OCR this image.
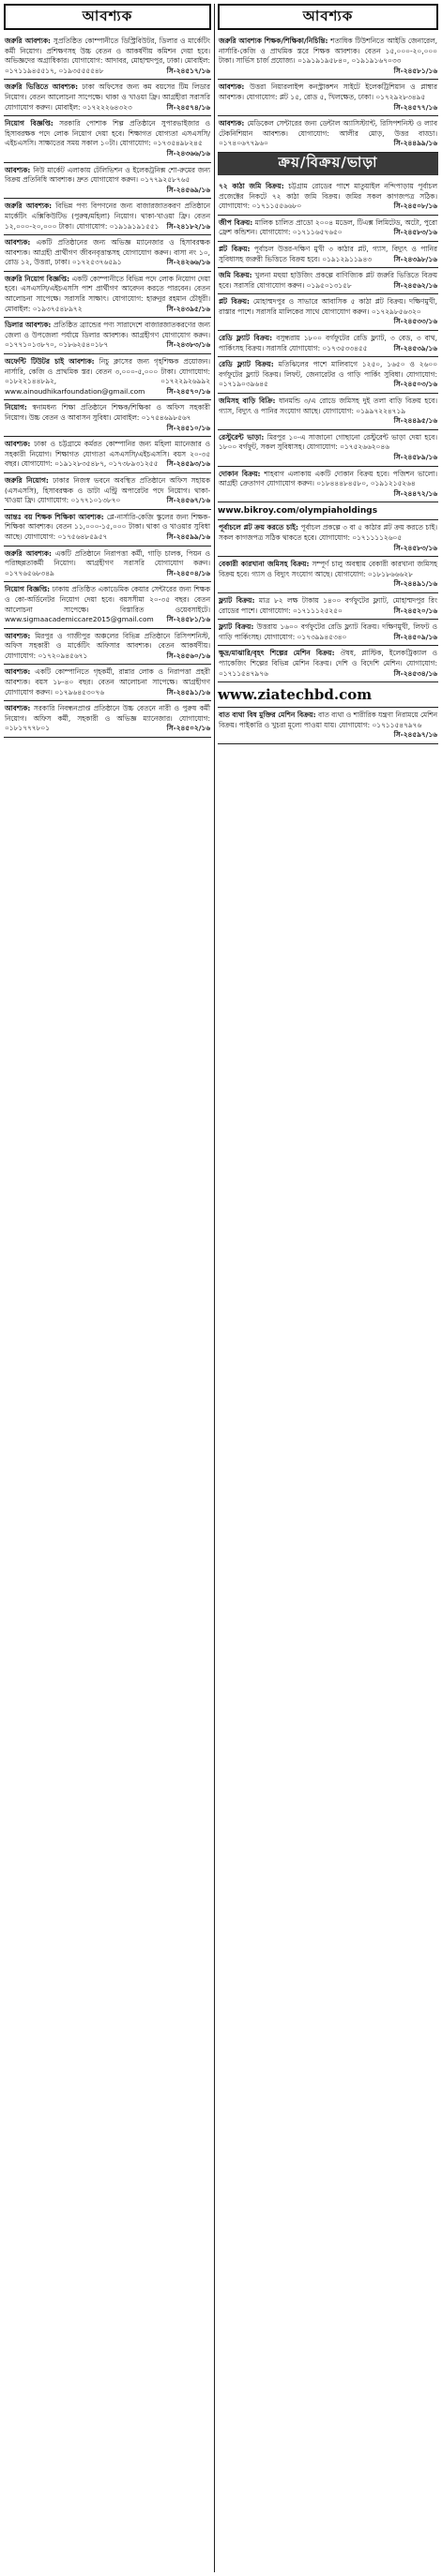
আবশ্যক
জরুরি আবশ্যক: সুপ্রতিষ্ঠিত কোম্পানীতে ডিস্ট্রিবিউটর, ডিলার ও মার্কেটিং কর্মী নিয়োগ। প্রশিক্ষণসহ উচ্চ বেতন ও আকর্ষণীয় কমিশন দেয়া হবে। অভিজ্ঞদের অগ্রাধিকার। যোগাযোগ: আদাবর, মোহাম্মদপুর, ঢাকা। মোবাইল: ০১৭১১৯৪৫৫১৭, ০১৯৩৫৫৫৫৪৮	সি-২৪৫১৭/১৬
জরুরি ভিত্তিতে আবশ্যক: ঢাকা অফিসের জন্য কম বয়সের টিম লিডার নিয়োগ। বেতন আলোচনা সাপেক্ষে। থাকা ও খাওয়া ফ্রি। আগ্রহীরা সরাসরি যোগাযোগ করুন। মোবাইল: ০১৭২২২৬৪৩২৩	সি-২৪৫৭৪/১৬
নিয়োগ বিজ্ঞপ্তি: সরকারি পোশাক শিল্প প্রতিষ্ঠানে সুপারভাইজার ও হিসাবরক্ষক পদে লোক নিয়োগ দেয়া হবে। শিক্ষাগত যোগ্যতা এসএসসি/এইচএসসি। সাক্ষাতের সময় সকাল ১০টা। যোগাযোগ: ০১৭৩৫৪৯৮২৪৫
সি-২৪৩৬৬/১৬
আবশ্যক: নিউ মার্কেট এলাকায় টেলিভিশন ও ইলেকট্রনিক্স শো-রুমের জন্য বিক্রয় প্রতিনিধি আবশ্যক। দ্রুত যোগাযোগ করুন। ০১৭৭৯২৫৮৭৬৫
সি-২৪৫৬৯/১৬
জরুরি আবশ্যক: বিভিন্ন পণ্য বিপণনের জন্য বাজারজাতকরণ প্রতিষ্ঠানে মার্কেটিং এক্সিকিউটিভ (পুরুষ/মহিলা) নিয়োগ। থাকা-খাওয়া ফ্রি। বেতন ১২,০০০-২০,০০০ টাকা। যোগাযোগ: ০১৯১৯১৯১৫৫১ সি-২৪১৮২/১৬
আবশ্যক: একটি প্রতিষ্ঠানের জন্য অভিজ্ঞ ম্যানেজার ও হিসাবরক্ষক আবশ্যক। আগ্রহী প্রার্থীগণ জীবনবৃত্তান্তসহ যোগাযোগ করুন। বাসা নং ১০, রোড ১২, উত্তরা, ঢাকা। ০১৭২৫৩৭৬৫৯১	সি-২৪২৬৬/১৬
জরুরি নিয়োগ বিজ্ঞপ্তি: একটি কোম্পানীতে বিভিন্ন পদে লোক নিয়োগ দেয়া হবে। এসএসসি/এইচএসসি পাশ প্রার্থীগণ আবেদন করতে পারবেন। বেতন আলোচনা সাপেক্ষে। সরাসরি সাক্ষাৎ। যোগাযোগ: হারুনুর রহমান চৌধুরী। মোবাইল: ০১৯৩৭৫৪৮৯৭২	সি-২৪৩৯৫/১৬
ডিলার আবশ্যক: প্রতিষ্ঠিত ব্র্যান্ডের পণ্য সারাদেশে বাজারজাতকরণের জন্য জেলা ও উপজেলা পর্যায়ে ডিলার আবশ্যক। আগ্রহীগণ যোগাযোগ করুন। ০১৭৭১০১৩৮৭০, ০১৮৬২৫৪০১৮৭	সি-২৪৩৮৩/১৬
অফেন্টি টিউটর চাই আবশ্যক: নিচু ক্লাসের জন্য গৃহশিক্ষক প্রয়োজন। নার্সারি, কেজি ও প্রাথমিক স্তর। বেতন ৩,০০০-৫,০০০ টাকা। যোগাযোগ: ০১৮২২১৪৪৮৯২, ০১৭২২৯২৬৯৯২ www.ainoudhikarfoundation@gmail.com	সি-২৪৫৭০/১৬
নিয়োগ: স্বনামধন্য শিক্ষা প্রতিষ্ঠানে শিক্ষক/শিক্ষিকা ও অফিস সহকারী নিয়োগ। উচ্চ বেতন ও আবাসন সুবিধা। মোবাইল: ০১৭৫৪৬৯৮৫৬৭
সি-২৪৫১০/১৬
আবশ্যক: ঢাকা ও চট্টগ্রামে কর্মরত কোম্পানির জন্য মহিলা ম্যানেজার ও সহকারী নিয়োগ। শিক্ষাগত যোগ্যতা এসএসসি/এইচএসসি। বয়স ২০-৩৫ বছর। যোগাযোগ: ০১৯১২৮৩৫৪৮৭, ০১৭৩৮৯৩১২৫৫ সি-২৪৫৯৩/১৬
জরুরি নিয়োগ: ঢাকার নিজস্ব ভবনে অবস্থিত প্রতিষ্ঠানে অফিস সহায়ক (এসএসসি), হিসাবরক্ষক ও ডাটা এন্ট্রি অপারেটর পদে নিয়োগ। থাকা-খাওয়া ফ্রি। যোগাযোগ: ০১৭৭১০১৩৮৭০	সি-২৪৫৬৭/১৬
আন্তঃ বয় শিক্ষক শিক্ষিকা আবশ্যক: প্লে-নার্সারি-কেজি স্কুলের জন্য শিক্ষক-শিক্ষিকা আবশ্যক। বেতন ১১,০০০-১৫,০০০ টাকা। থাকা ও খাওয়ার সুবিধা আছে। যোগাযোগ: ০১৭৫৬৪৮৫৯৫৭	সি-২৪৫৯৯/১৬
জরুরি আবশ্যক: একটি প্রতিষ্ঠানে নিরাপত্তা কর্মী, গাড়ি চালক, পিয়ন ও পরিচ্ছন্নতাকর্মী নিয়োগ। আগ্রহীগণ সরাসরি যোগাযোগ করুন। ০১৭৭৬৫৬৮৩৪৯	সি-২৪৫০৪/১৬
নিয়োগ বিজ্ঞপ্তি: ঢাকায় প্রতিষ্ঠিত একাডেমিক কেয়ার সেন্টারের জন্য শিক্ষক ও কো-অর্ডিনেটর নিয়োগ দেয়া হবে। বয়সসীমা ২০-৩৫ বছর। বেতন আলোচনা সাপেক্ষে। বিস্তারিত ওয়েবসাইটে। www.sigmaacademiccare2015@gmail.com সি-২৪৫৮১/১৬
আবশ্যক: মিরপুর ও গাজীপুর অঞ্চলের বিভিন্ন প্রতিষ্ঠানে রিসিপশনিস্ট, অফিস সহকারী ও মার্কেটিং অফিসার আবশ্যক। বেতন আকর্ষণীয়। যোগাযোগ: ০১৭২০৯৪৫৬৭১	সি-২৪৫৬০/১৬
আবশ্যক: একটি কোম্পানিতে গৃহকর্মী, রান্নার লোক ও নিরাপত্তা প্রহরী আবশ্যক। বয়স ১৮-৪০ বছর। বেতন আলোচনা সাপেক্ষে। আগ্রহীগণ যোগাযোগ করুন। ০১৭৯৬৪৫৩০৭৬	সি-২৪৫৯১/১৬
আবশ্যক: সরকারি নিবন্ধনপ্রাপ্ত প্রতিষ্ঠানে উচ্চ বেতনে নারী ও পুরুষ কর্মী নিয়োগ। অফিস কর্মী, সহকারী ও অভিজ্ঞ ম্যানেজার। যোগাযোগ: ০১৮১৭৭৭৮০১	সি-২৪৫০২/১৬
আবশ্যক
জরুরি আবশ্যক শিক্ষক/শিক্ষিকা/নিচিন্তি: শতাধিক টিউশনিতে আইডি জেনারেল, নার্সারি-কেজি ও প্রাথমিক স্তরে শিক্ষক আবশ্যক। বেতন ১৫,০০০-২০,০০০ টাকা। সার্ভিস চার্জ প্রযোজ্য। ০১৯১৯১৯৫৮৪০, ০১৯১৯১৬৭০৩৩
সি-২৪৫৮১/১৬
আবশ্যক: উত্তরা নিয়ারলাইন্স কনস্ট্রাকশন সাইটে ইলেকট্রিশিয়ান ও প্লাম্বার আবশ্যক। যোগাযোগ: প্লট ১৫, রোড ৫, খিলক্ষেত, ঢাকা। ০১৭২৯২৮৩৪৯৫
সি-২৪৫৭৭/১৬
আবশ্যক: মেডিকেল সেন্টারের জন্য ডেন্টাল অ্যাসিস্ট্যান্ট, রিসিপশনিস্ট ও ল্যাব টেকনিশিয়ান আবশ্যক। যোগাযোগ: আলীর মোড়, উত্তর বাড্ডা। ০১৭৪০৬৭৭৯৬০	সি-২৪৪৯৯/১৬
ক্রয়/বিক্রয়/ভাড়া
৭২ কাঠা জমি বিক্রয়: চট্টগ্রাম রোডের পাশে মাতুয়াইল নন্দিপাড়ায় পূর্বাচল প্রজেক্টের নিকটে ৭২ কাঠা জমি বিক্রয়। জমির সকল কাগজপত্র সঠিক। যোগাযোগ: ০১৭১১৫৫৬৬৮০	সি-২৪৫০৮/১৬
জীপ বিক্রয়: মালিক চালিত প্রাডো ২০০৪ মডেল, টিএক্স লিমিটেড, অটো, পুরো ফ্রেশ কন্ডিশন। যোগাযোগ: ০১৭১১৬৫৭৬৫০	সি-২৪৫৮৩/১৬
প্লট বিক্রয়: পূর্বাচল উত্তর-দক্ষিণ মুখী ৩ কাঠার প্লট, গ্যাস, বিদ্যুৎ ও পানির সুবিধাসহ জরুরী ভিত্তিতে বিক্রয় হবে। ০১৯১২৯১১৯৪৩	সি-২৪৩৯৮/১৬
জমি বিক্রয়: খুলনা মহুয়া হাউজিং প্রকল্পে বাণিজ্যিক প্লট জরুরি ভিত্তিতে বিক্রয় হবে। সরাসরি যোগাযোগ করুন। ০১৯৫০১৩১৫৮	সি-২৪৫৬২/১৬
প্লট বিক্রয়: মোহাম্মদপুর ও সাভারে আবাসিক ৫ কাঠা প্লট বিক্রয়। দক্ষিণমুখী, রাস্তার পাশে। সরাসরি মালিকের সাথে যোগাযোগ করুন। ০১৭২৯৮৫৬৩২০
সি-২৪৫৩৩/১৬
রেডি ফ্ল্যাট বিক্রয়: বসুন্ধরায় ১৮০০ বর্গফুটের রেডি ফ্ল্যাট, ৩ বেড, ৩ বাথ, পার্কিংসহ বিক্রয়। সরাসরি যোগাযোগ: ০১৭৩৫৩৩৪৫৫	সি-২৪৫৩৯/১৬
রেডি ফ্ল্যাট বিক্রয়: মতিঝিলের পাশে মালিবাগে ১২৫০, ১৬৫০ ও ২৬০০ বর্গফুটের ফ্ল্যাট বিক্রয়। লিফট, জেনারেটর ও গাড়ি পার্কিং সুবিধা। যোগাযোগ: ০১৭১৯০৩৯৬৪৫	সি-২৪৫০৩/১৬
জমিসহ বাড়ি বিক্রি: ধানমন্ডি ৩/এ রোডে জমিসহ দুই তলা বাড়ি বিক্রয় হবে। গ্যাস, বিদ্যুৎ ও পানির সংযোগ আছে। যোগাযোগ: ০১৯৯৭২২৪৭১৯
সি-২৪৪৯৫/১৬
রেস্টুরেন্ট ভাড়া: মিরপুর ১০-এ সাজানো গোছানো রেস্টুরেন্ট ভাড়া দেয়া হবে। ১৮০০ বর্গফুট, সকল সুবিধাসহ। যোগাযোগ: ০১৭৫২৬৬২০৪৬
সি-২৪৫৮৯/১৬
দোকান বিক্রয়: শাহবাগ এলাকায় একটি দোকান বিক্রয় হবে। পজিশন ভালো। আগ্রহী ক্রেতাগণ যোগাযোগ করুন। ০১৮৪৪৪৮৪৫৮০, ০১৯১২১৫২৬৪
সি-২৪৪৭২/১৬
www.bikroy.com/olympiaholdings
পূর্বাচলে প্লট ক্রয় করতে চাই: পূর্বাচল প্রকল্পে ৩ বা ৫ কাঠার প্লট ক্রয় করতে চাই। সকল কাগজপত্র সঠিক থাকতে হবে। যোগাযোগ: ০১৭১১১১২৬০৫
সি-২৪৫৮৩/১৬
বেকারী কারখানা জমিসহ বিক্রয়: সম্পূর্ণ চালু অবস্থায় বেকারী কারখানা জমিসহ বিক্রয় হবে। গ্যাস ও বিদ্যুৎ সংযোগ আছে। যোগাযোগ: ০১৮১৮৬৬৬২৮
সি-২৪৪৯১/১৬
ফ্ল্যাট বিক্রয়: মাত্র ৮২ লক্ষ টাকায় ১৪০০ বর্গফুটের ফ্ল্যাট, মোহাম্মদপুর রিং রোডের পাশে। যোগাযোগ: ০১৭১১১২৫২৫০	সি-২৪৫২০/১৬
ফ্ল্যাট বিক্রয়: উত্তরায় ১৬০০ বর্গফুটের রেডি ফ্ল্যাট বিক্রয়। দক্ষিণমুখী, লিফট ও গাড়ি পার্কিংসহ। যোগাযোগ: ০১৭৩৯৯৪৫৩৪০	সি-২৪৫০৯/১৬
ক্ষুদ্র/মাঝারি/বৃহৎ শিল্পের মেশিন বিক্রয়: ঔষধ, প্লাস্টিক, ইলেকট্রিক্যাল ও প্যাকেজিং শিল্পের বিভিন্ন মেশিন বিক্রয়। দেশি ও বিদেশি মেশিন। যোগাযোগ: ০১৭১১৫৪৭৯৭৬	সি-২৪৫৩৪/১৬
www.ziatechbd.com
বাত ব্যথা বিষ মুক্তির মেশিন বিক্রয়: বাত ব্যথা ও শারীরিক যন্ত্রণা নিরাময়ে মেশিন বিক্রয়। পাইকারি ও খুচরা মূল্যে পাওয়া যায়। যোগাযোগ: ০১৭১১৫৪৭৯৭৬
সি-২৪৫৯৭/১৬
